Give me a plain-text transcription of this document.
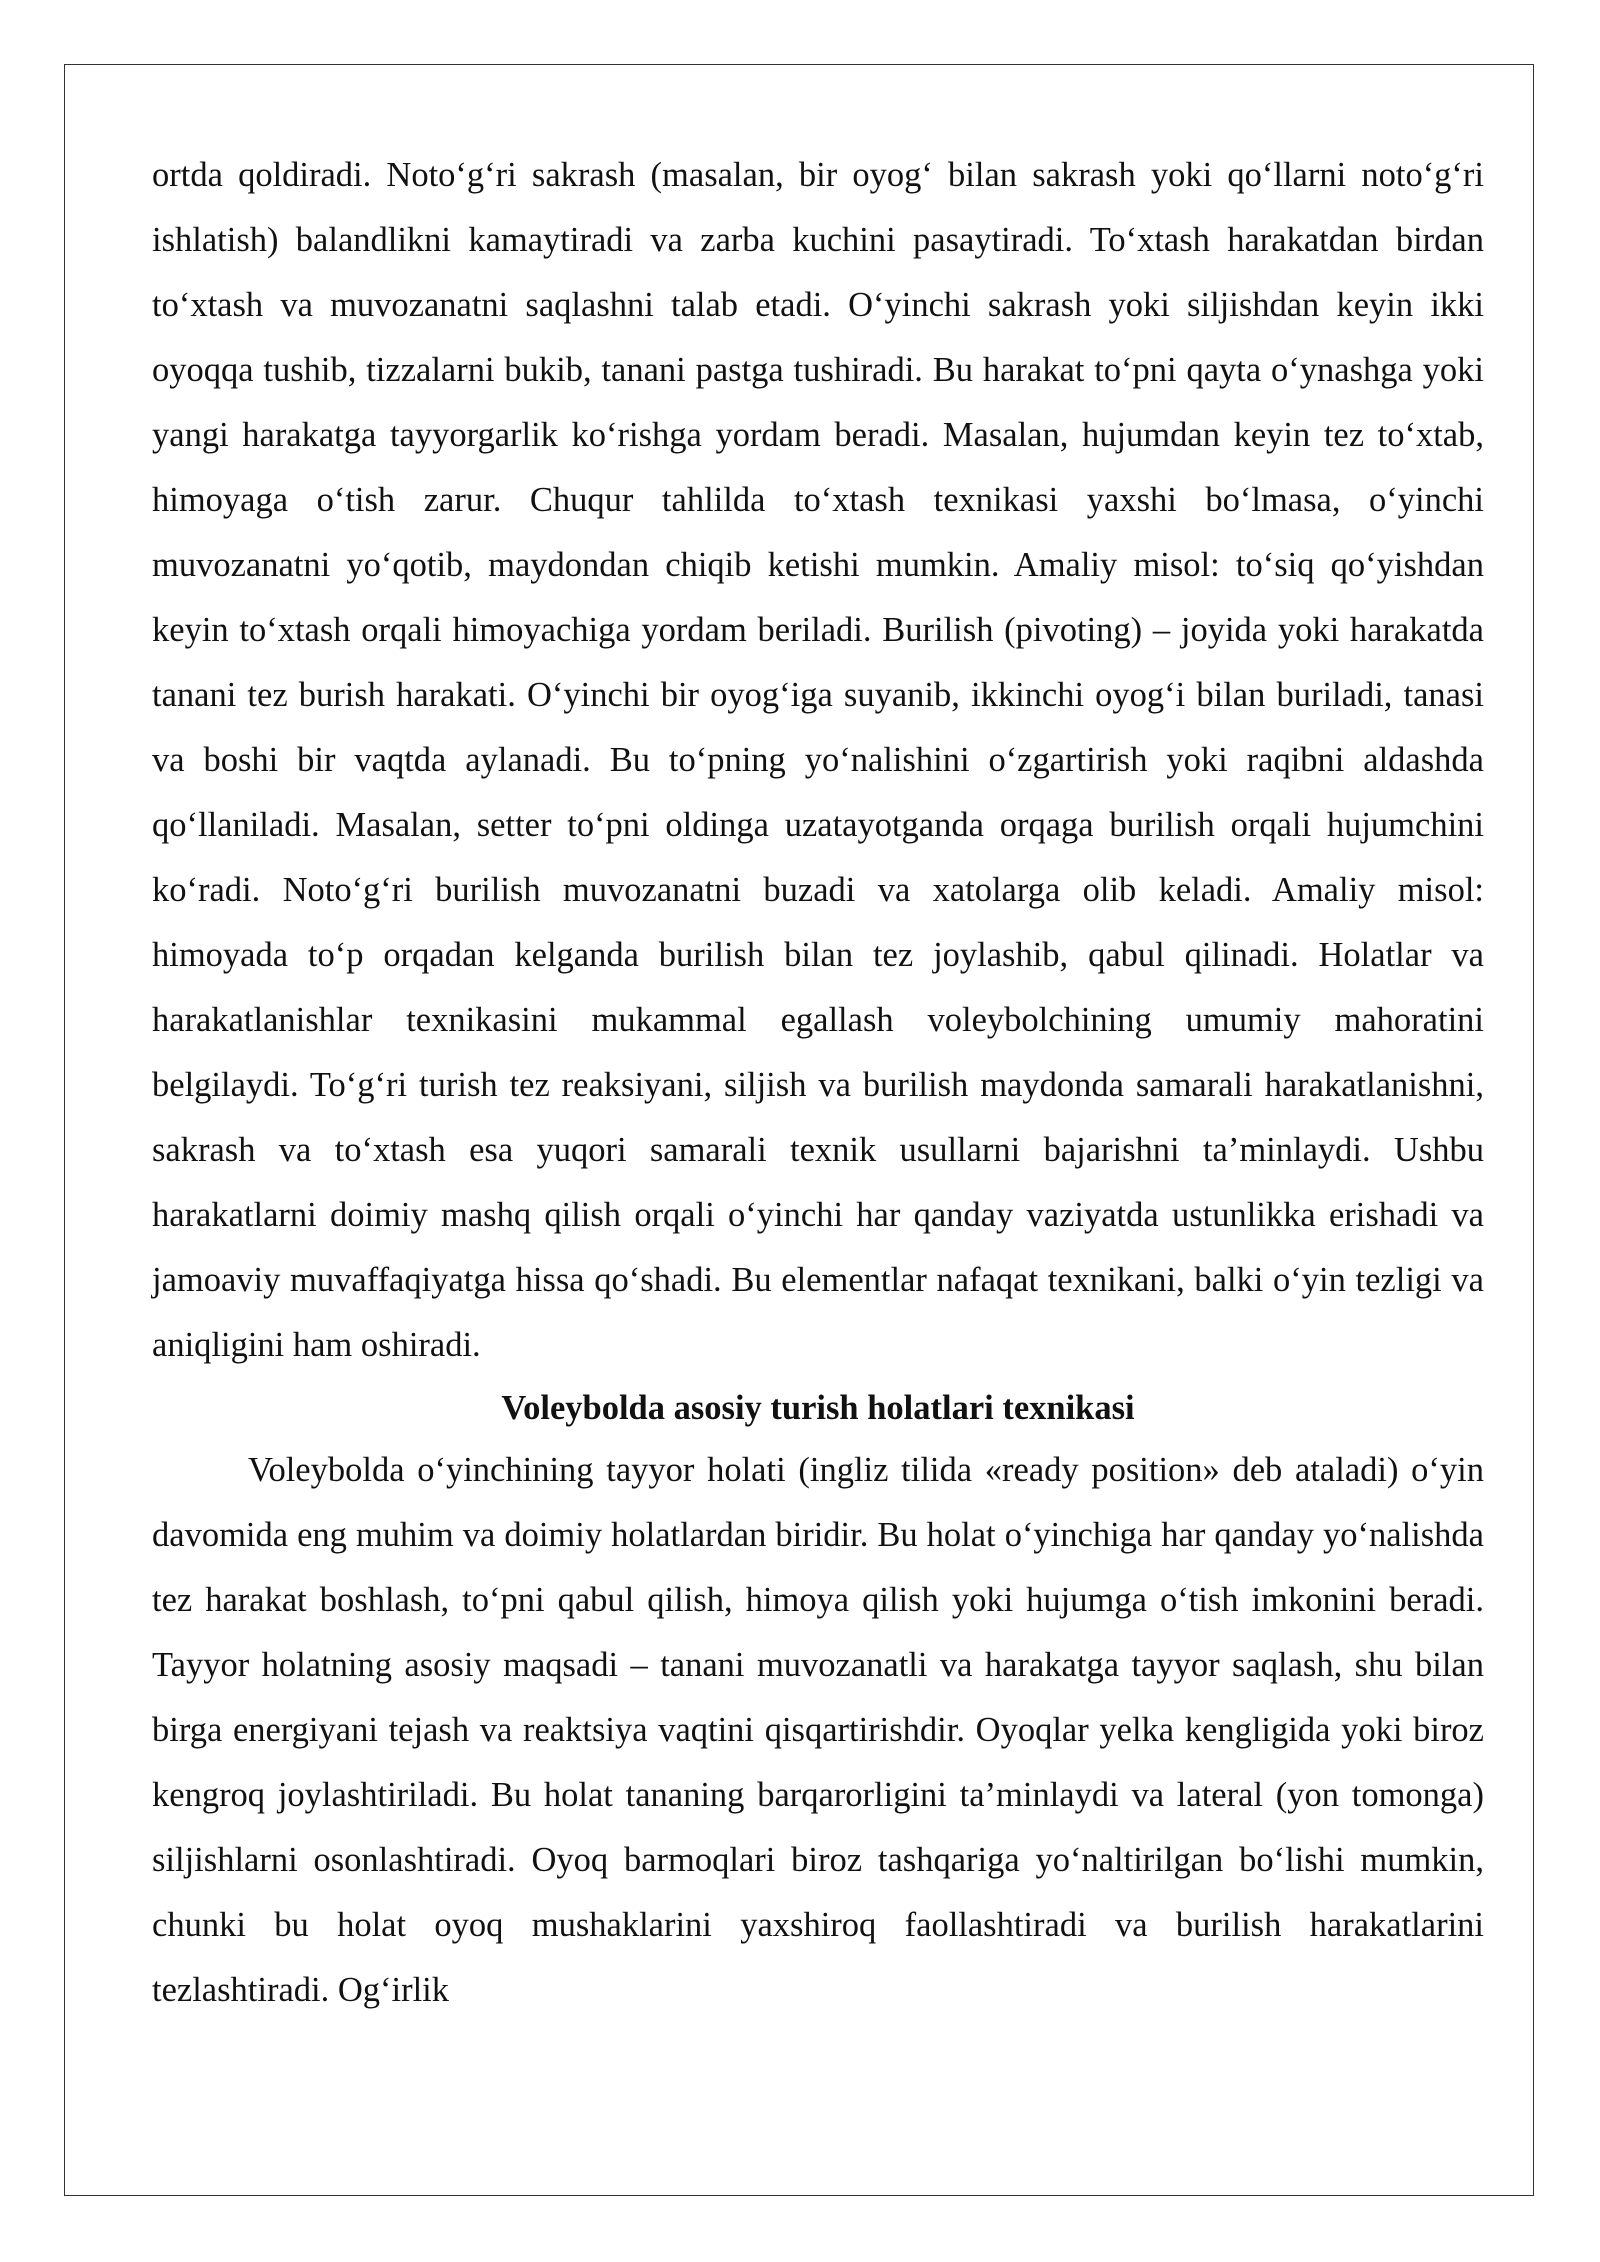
ortda qoldiradi. Noto‘g‘ri sakrash (masalan, bir oyog‘ bilan sakrash yoki qo‘llarni noto‘g‘ri ishlatish) balandlikni kamaytiradi va zarba kuchini pasaytiradi. To‘xtash harakatdan birdan to‘xtash va muvozanatni saqlashni talab etadi. O‘yinchi sakrash yoki siljishdan keyin ikki oyoqqa tushib, tizzalarni bukib, tanani pastga tushiradi. Bu harakat to‘pni qayta o‘ynashga yoki yangi harakatga tayyorgarlik ko‘rishga yordam beradi. Masalan, hujumdan keyin tez to‘xtab, himoyaga o‘tish zarur. Chuqur tahlilda to‘xtash texnikasi yaxshi bo‘lmasa, o‘yinchi muvozanatni yo‘qotib, maydondan chiqib ketishi mumkin. Amaliy misol: to‘siq qo‘yishdan keyin to‘xtash orqali himoyachiga yordam beriladi. Burilish (pivoting) – joyida yoki harakatda tanani tez burish harakati. O‘yinchi bir oyog‘iga suyanib, ikkinchi oyog‘i bilan buriladi, tanasi va boshi bir vaqtda aylanadi. Bu to‘pning yo‘nalishini o‘zgartirish yoki raqibni aldashda qo‘llaniladi. Masalan, setter to‘pni oldinga uzatayotganda orqaga burilish orqali hujumchini ko‘radi. Noto‘g‘ri burilish muvozanatni buzadi va xatolarga olib keladi. Amaliy misol: himoyada to‘p orqadan kelganda burilish bilan tez joylashib, qabul qilinadi. Holatlar va harakatlanishlar texnikasini mukammal egallash voleybolchining umumiy mahoratini belgilaydi. To‘g‘ri turish tez reaksiyani, siljish va burilish maydonda samarali harakatlanishni, sakrash va to‘xtash esa yuqori samarali texnik usullarni bajarishni ta’minlaydi. Ushbu harakatlarni doimiy mashq qilish orqali o‘yinchi har qanday vaziyatda ustunlikka erishadi va jamoaviy muvaffaqiyatga hissa qo‘shadi. Bu elementlar nafaqat texnikani, balki o‘yin tezligi va aniqligini ham oshiradi.

Voleybolda asosiy turish holatlari texnikasi

Voleybolda o‘yinchining tayyor holati (ingliz tilida «ready position» deb ataladi) o‘yin davomida eng muhim va doimiy holatlardan biridir. Bu holat o‘yinchiga har qanday yo‘nalishda tez harakat boshlash, to‘pni qabul qilish, himoya qilish yoki hujumga o‘tish imkonini beradi. Tayyor holatning asosiy maqsadi – tanani muvozanatli va harakatga tayyor saqlash, shu bilan birga energiyani tejash va reaktsiya vaqtini qisqartirishdir. Oyoqlar yelka kengligida yoki biroz kengroq joylashtiriladi. Bu holat tananing barqarorligini ta’minlaydi va lateral (yon tomonga) siljishlarni osonlashtiradi. Oyoq barmoqlari biroz tashqariga yo‘naltirilgan bo‘lishi mumkin, chunki bu holat oyoq mushaklarini yaxshiroq faollashtiradi va burilish harakatlarini tezlashtiradi. Og‘irlik
